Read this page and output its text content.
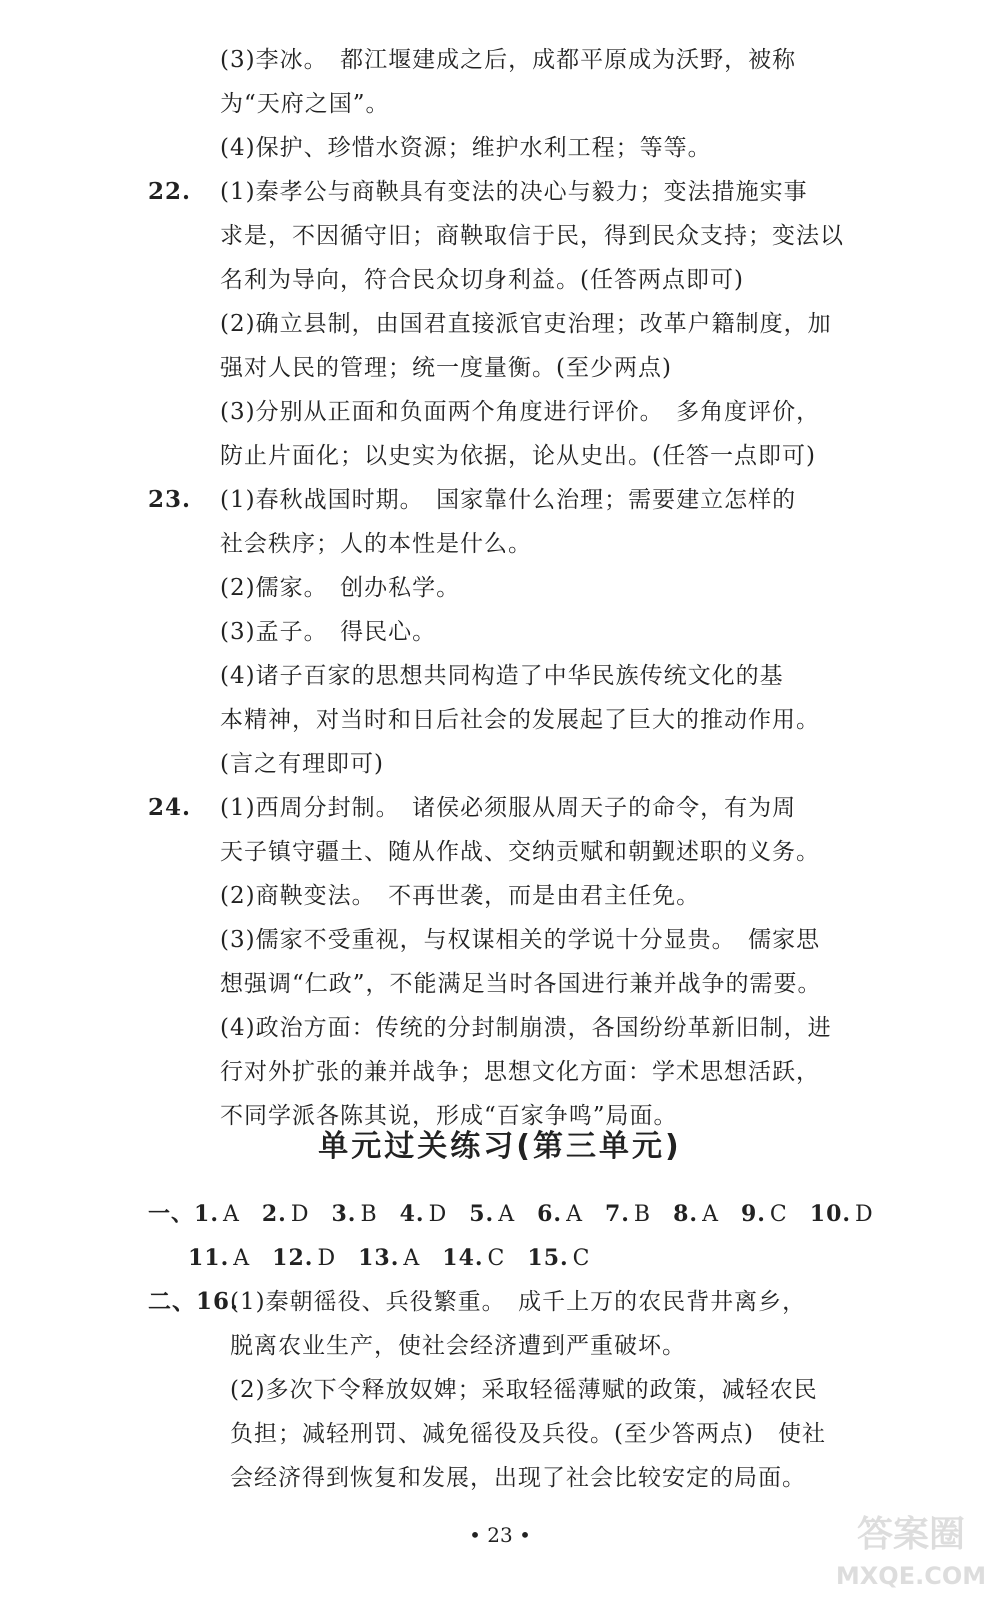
(3)李冰。　都江堰建成之后，成都平原成为沃野，被称
为“天府之国”。
(4)保护、珍惜水资源；维护水利工程；等等。
22. (1)秦孝公与商鞅具有变法的决心与毅力；变法措施实事
求是，不因循守旧；商鞅取信于民，得到民众支持；变法以
名利为导向，符合民众切身利益。(任答两点即可)
(2)确立县制，由国君直接派官吏治理；改革户籍制度，加
强对人民的管理；统一度量衡。(至少两点)
(3)分别从正面和负面两个角度进行评价。　多角度评价，
防止片面化；以史实为依据，论从史出。(任答一点即可)
23. (1)春秋战国时期。　国家靠什么治理；需要建立怎样的
社会秩序；人的本性是什么。
(2)儒家。　创办私学。
(3)孟子。　得民心。
(4)诸子百家的思想共同构造了中华民族传统文化的基
本精神，对当时和日后社会的发展起了巨大的推动作用。
(言之有理即可)
24. (1)西周分封制。　诸侯必须服从周天子的命令，有为周
天子镇守疆土、随从作战、交纳贡赋和朝觐述职的义务。
(2)商鞅变法。　不再世袭，而是由君主任免。
(3)儒家不受重视，与权谋相关的学说十分显贵。　儒家思
想强调“仁政”，不能满足当时各国进行兼并战争的需要。
(4)政治方面：传统的分封制崩溃，各国纷纷革新旧制，进
行对外扩张的兼并战争；思想文化方面：学术思想活跃，
不同学派各陈其说，形成“百家争鸣”局面。
单元过关练习(第三单元)
一、1. A 2. D 3. B 4. D 5. A 6. A 7. B 8. A 9. C 10. D
11. A 12. D 13. A 14. C 15. C
二、16.
(1)秦朝徭役、兵役繁重。　成千上万的农民背井离乡，
脱离农业生产，使社会经济遭到严重破坏。
(2)多次下令释放奴婢；采取轻徭薄赋的政策，减轻农民
负担；减轻刑罚、减免徭役及兵役。(至少答两点)　使社
会经济得到恢复和发展，出现了社会比较安定的局面。
• 23 •	答案圈
MXQE.COM
